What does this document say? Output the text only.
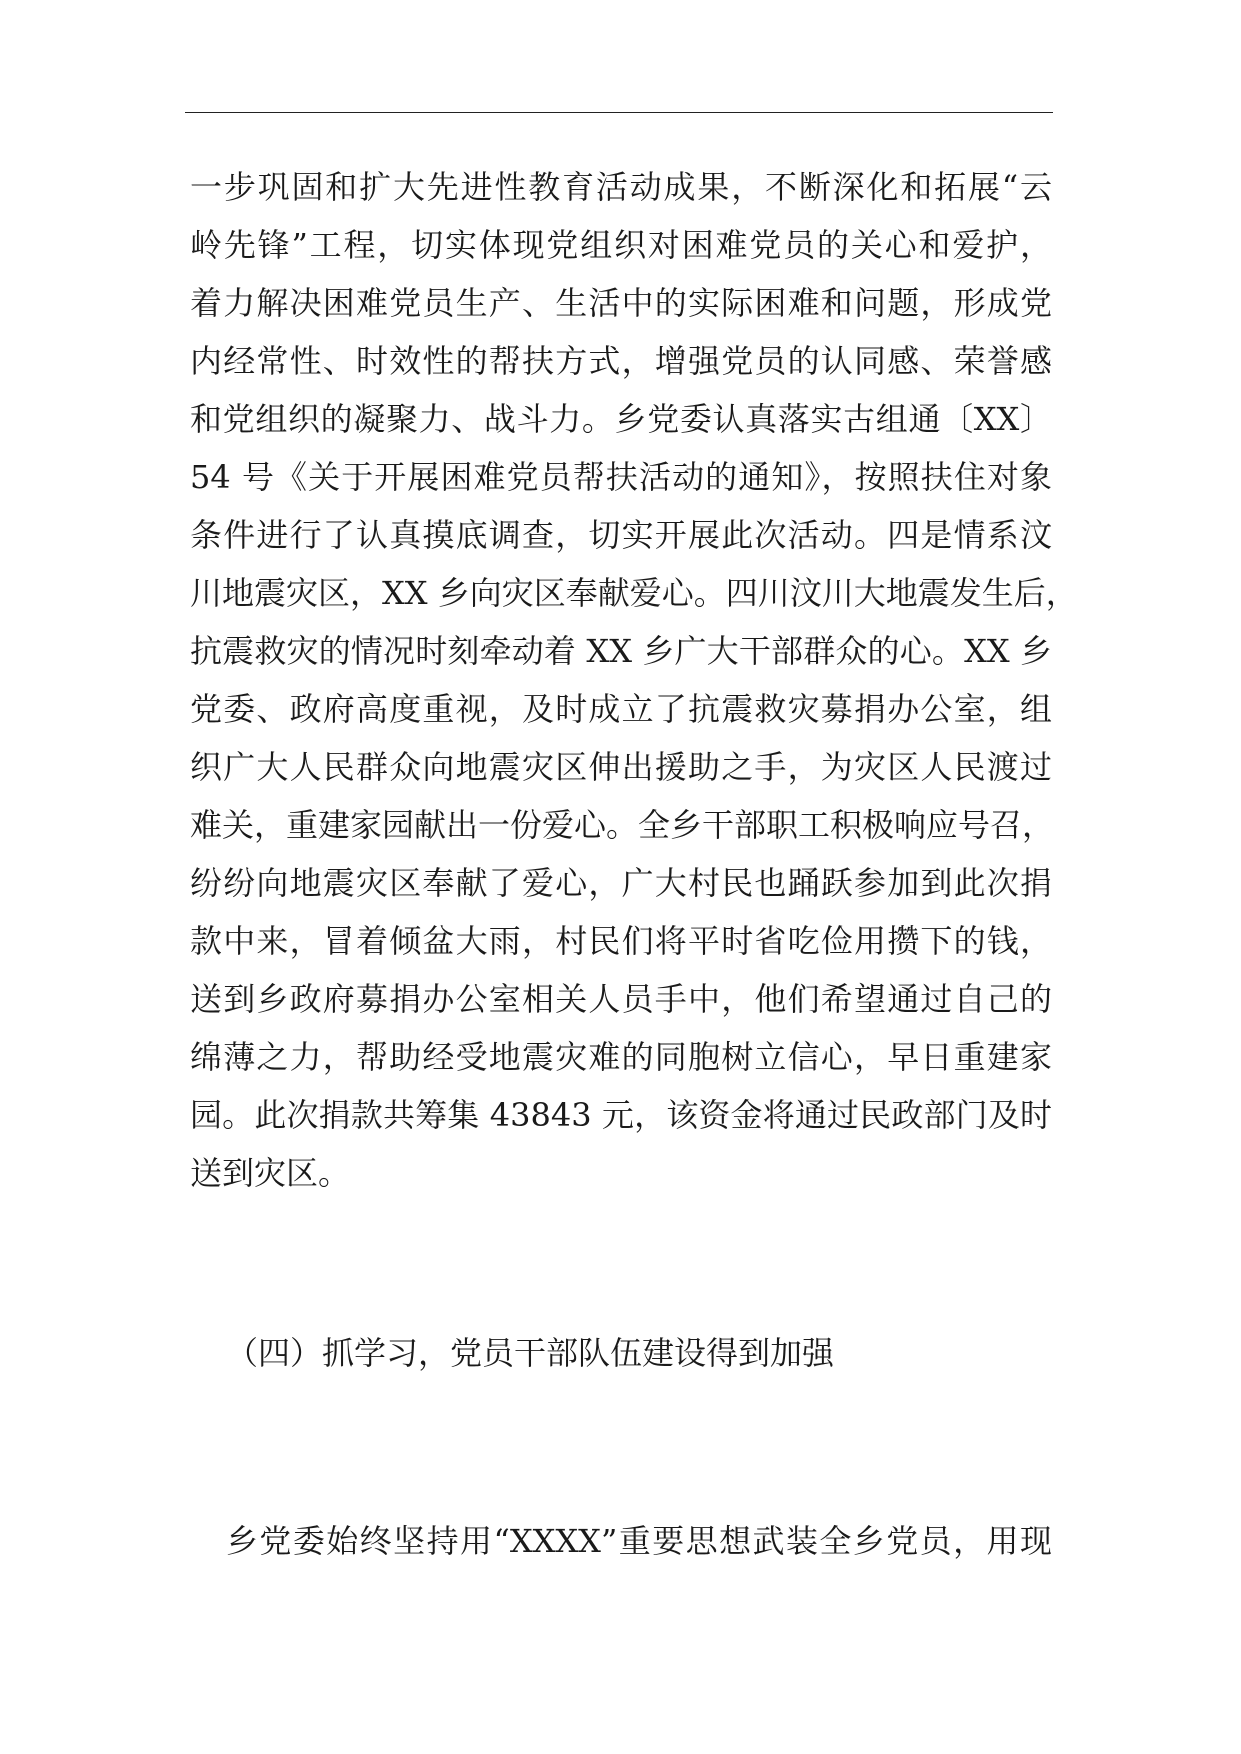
一步巩固和扩大先进性教育活动成果，不断深化和拓展“云
岭先锋”工程，切实体现党组织对困难党员的关心和爱护，
着力解决困难党员生产、生活中的实际困难和问题，形成党
内经常性、时效性的帮扶方式，增强党员的认同感、荣誉感
和党组织的凝聚力、战斗力。乡党委认真落实古组通〔XX〕
54 号《关于开展困难党员帮扶活动的通知》，按照扶住对象
条件进行了认真摸底调查，切实开展此次活动。四是情系汶
川地震灾区，XX 乡向灾区奉献爱心。四川汶川大地震发生后，
抗震救灾的情况时刻牵动着 XX 乡广大干部群众的心。XX 乡
党委、政府高度重视，及时成立了抗震救灾募捐办公室，组
织广大人民群众向地震灾区伸出援助之手，为灾区人民渡过
难关，重建家园献出一份爱心。全乡干部职工积极响应号召，
纷纷向地震灾区奉献了爱心，广大村民也踊跃参加到此次捐
款中来，冒着倾盆大雨，村民们将平时省吃俭用攒下的钱，
送到乡政府募捐办公室相关人员手中，他们希望通过自己的
绵薄之力，帮助经受地震灾难的同胞树立信心，早日重建家
园。此次捐款共筹集 43843 元，该资金将通过民政部门及时
送到灾区。
（四）抓学习，党员干部队伍建设得到加强
乡党委始终坚持用“XXXX”重要思想武装全乡党员，用现
